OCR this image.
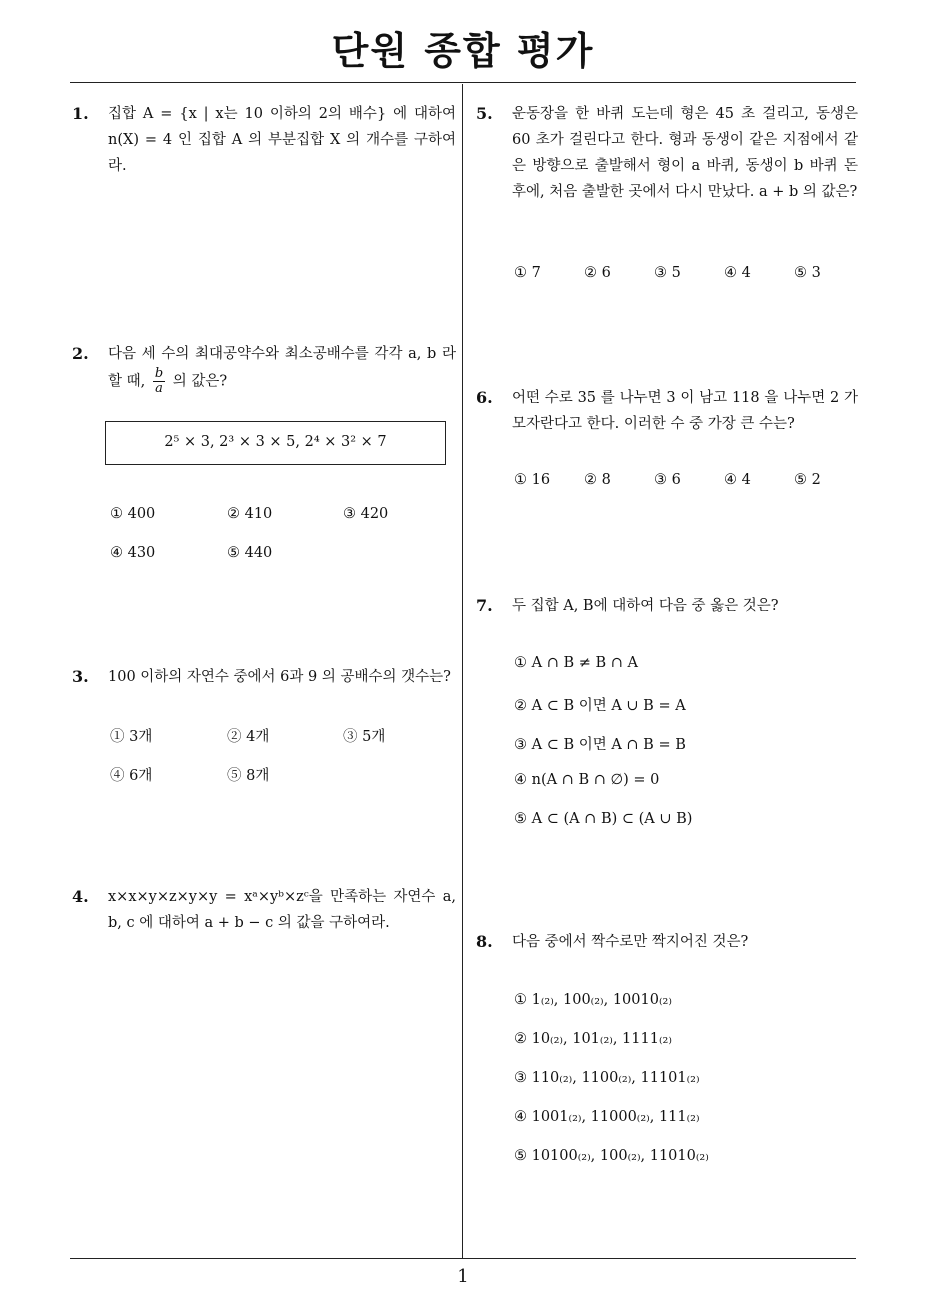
단원 종합 평가
1
1. 집합 A = {x | x는 10 이하의 2의 배수} 에 대하여 n(X) = 4 인 집합 A 의 부분집합 X 의 개수를 구하여라.
2. 다음 세 수의 최대공약수와 최소공배수를 각각 a, b 라 할 때, $\frac{b}{a}$ 의 값은?
2⁵ × 3, 2³ × 3 × 5, 2⁴ × 3² × 7
① 400	② 410	③ 420
④ 430	⑤ 440
3. 100 이하의 자연수 중에서 6과 9 의 공배수의 갯수는?
① 3개	② 4개	③ 5개
④ 6개	⑤ 8개
4. x×x×y×z×y×y = xᵃ×yᵇ×zᶜ을 만족하는 자연수 a, b, c 에 대하여 a + b − c 의 값을 구하여라.
5. 운동장을 한 바퀴 도는데 형은 45 초 걸리고, 동생은 60 초가 걸린다고 한다. 형과 동생이 같은 지점에서 같은 방향으로 출발해서 형이 a 바퀴, 동생이 b 바퀴 돈 후에, 처음 출발한 곳에서 다시 만났다. a + b 의 값은?
① 7	② 6	③ 5	④ 4	⑤ 3
6. 어떤 수로 35 를 나누면 3 이 남고 118 을 나누면 2 가 모자란다고 한다. 이러한 수 중 가장 큰 수는?
① 16 ② 8	③ 6	④ 4	⑤ 2
7. 두 집합 A, B에 대하여 다음 중 옳은 것은?
① A ∩ B ≠ B ∩ A
② A ⊂ B 이면 A ∪ B = A
③ A ⊂ B 이면 A ∩ B = B
④ n(A ∩ B ∩ ∅) = 0
⑤ A ⊂ (A ∩ B) ⊂ (A ∪ B)
8. 다음 중에서 짝수로만 짝지어진 것은?
① 1₍₂₎, 100₍₂₎, 10010₍₂₎
② 10₍₂₎, 101₍₂₎, 1111₍₂₎
③ 110₍₂₎, 1100₍₂₎, 11101₍₂₎
④ 1001₍₂₎, 11000₍₂₎, 111₍₂₎
⑤ 10100₍₂₎, 100₍₂₎, 11010₍₂₎
